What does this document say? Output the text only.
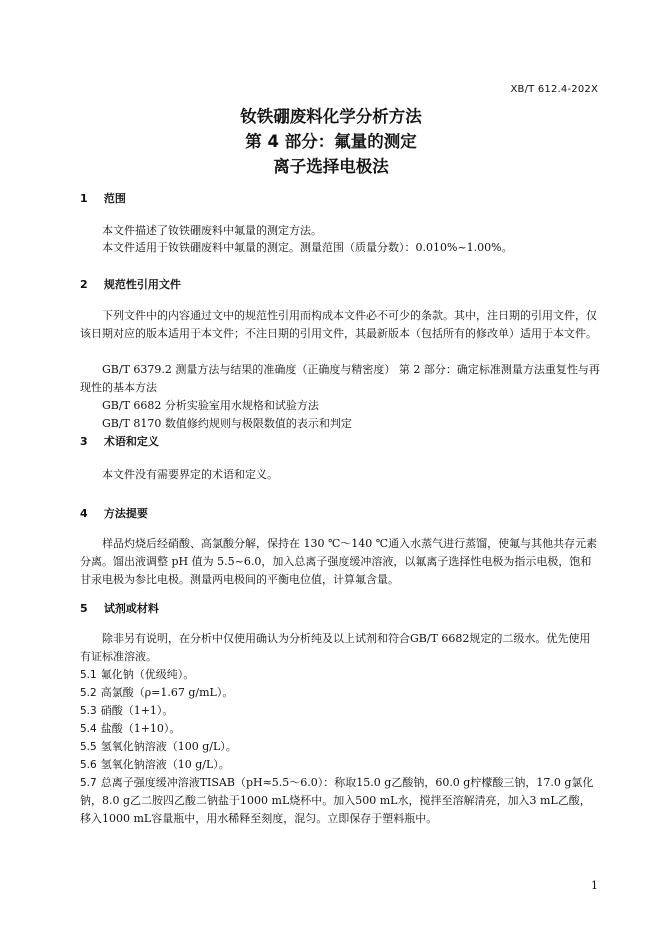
XB/T 612.4-202X
钕铁硼废料化学分析方法
第 4 部分：氟量的测定
离子选择电极法
1 范围
本文件描述了钕铁硼废料中氟量的测定方法。
本文件适用于钕铁硼废料中氟量的测定。测量范围（质量分数）：0.010%~1.00%。
2 规范性引用文件
下列文件中的内容通过文中的规范性引用而构成本文件必不可少的条款。其中，注日期的引用文件，仅该日期对应的版本适用于本文件；不注日期的引用文件，其最新版本（包括所有的修改单）适用于本文件。
GB/T 6379.2 测量方法与结果的准确度（正确度与精密度） 第 2 部分：确定标准测量方法重复性与再现性的基本方法
GB/T 6682 分析实验室用水规格和试验方法
GB/T 8170 数值修约规则与极限数值的表示和判定
3 术语和定义
本文件没有需要界定的术语和定义。
4 方法提要
样品灼烧后经硝酸、高氯酸分解，保持在 130 ℃～140 ℃通入水蒸气进行蒸馏，使氟与其他共存元素分离。馏出液调整 pH 值为 5.5~6.0，加入总离子强度缓冲溶液，以氟离子选择性电极为指示电极，饱和甘汞电极为参比电极。测量两电极间的平衡电位值，计算氟含量。
5 试剂或材料
除非另有说明，在分析中仅使用确认为分析纯及以上试剂和符合GB/T 6682规定的二级水。优先使用有证标准溶液。
5.1 氟化钠（优级纯）。
5.2 高氯酸（ρ=1.67 g/mL）。
5.3 硝酸（1+1）。
5.4 盐酸（1+10）。
5.5 氢氧化钠溶液（100 g/L）。
5.6 氢氧化钠溶液（10 g/L）。
5.7 总离子强度缓冲溶液TISAB（pH≈5.5～6.0）：称取15.0 g乙酸钠，60.0 g柠檬酸三钠，17.0 g氯化钠，8.0 g乙二胺四乙酸二钠盐于1000 mL烧杯中。加入500 mL水，搅拌至溶解清亮，加入3 mL乙酸，移入1000 mL容量瓶中，用水稀释至刻度，混匀。立即保存于塑料瓶中。
1
